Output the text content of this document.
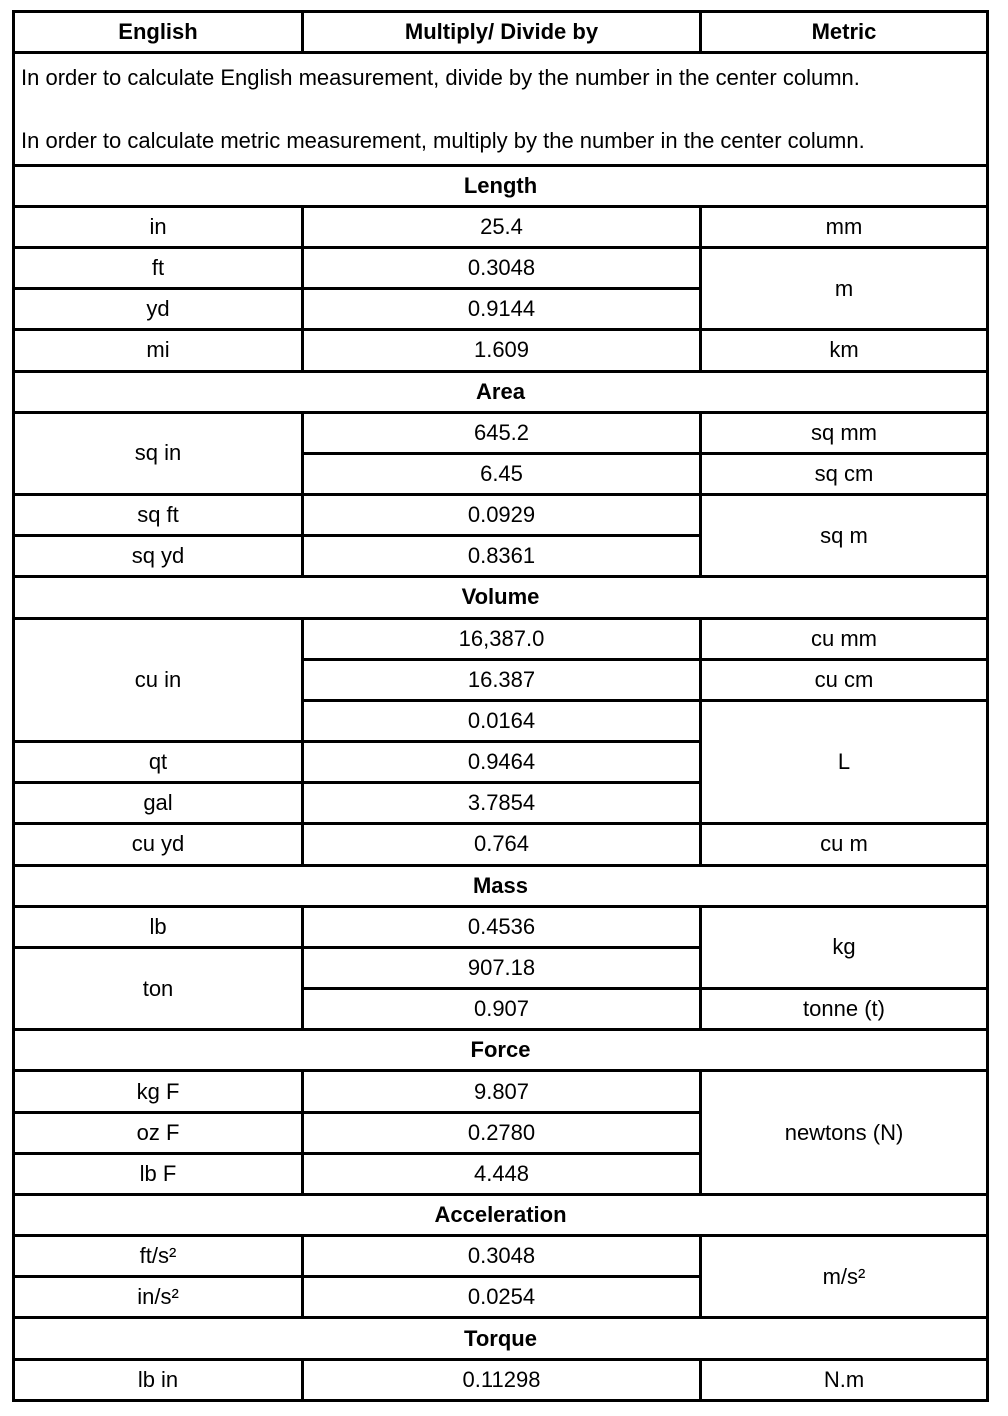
English	Multiply/ Divide by	Metric

In order to calculate English measurement, divide by the number in the center column.
In order to calculate metric measurement, multiply by the number in the center column.		

Length		
in	25.4	mm
ft	0.3048	m
yd	0.9144	
mi	1.609	km
Area		
sq in	645.2	sq mm
	6.45	sq cm
sq ft	0.0929	sq m
sq yd	0.8361	
Volume		
cu in	16,387.0	cu mm
	16.387	cu cm
	0.0164	L
qt	0.9464	
gal	3.7854	
cu yd	0.764	cu m
Mass		
lb	0.4536	kg
ton	907.18	
	0.907	tonne (t)
Force		
kg F	9.807	newtons (N)
oz F	0.2780	
lb F	4.448	
Acceleration		
ft/s²	0.3048	m/s²
in/s²	0.0254	
Torque		
lb in	0.11298	N.m
